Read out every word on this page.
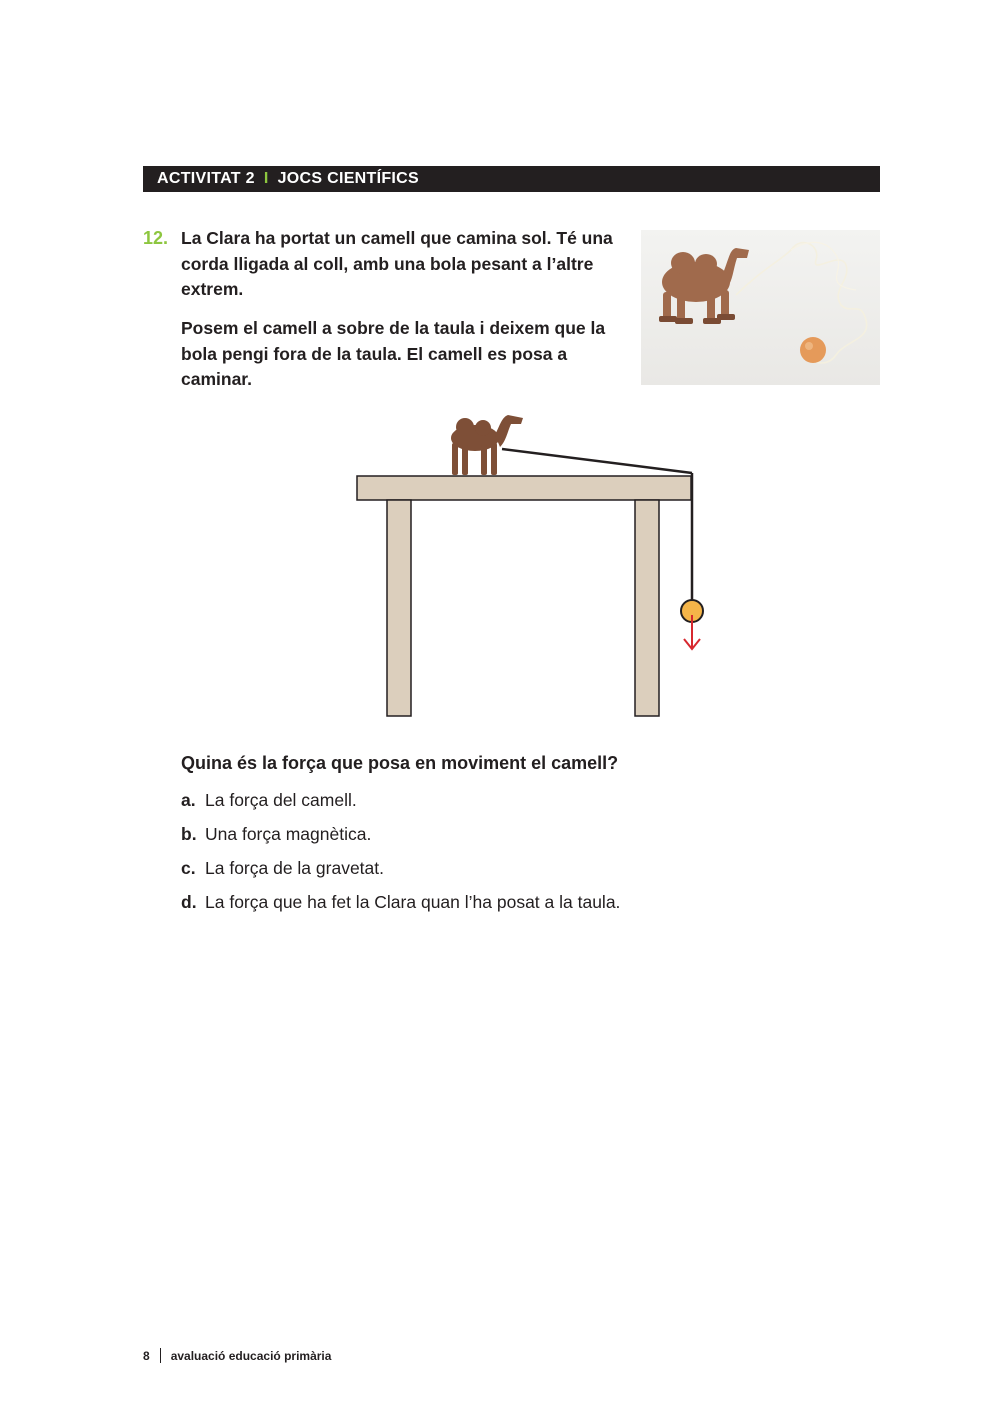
ACTIVITAT 2 I JOCS CIENTÍFICS
12. La Clara ha portat un camell que camina sol. Té una corda lligada al coll, amb una bola pesant a l’altre extrem.

Posem el camell a sobre de la taula i deixem que la bola pengi fora de la taula. El camell es posa a caminar.

Quina és la força que posa en moviment el camell?

a. La força del camell.
b. Una força magnètica.
c. La força de la gravetat.
d. La força que ha fet la Clara quan l’ha posat a la taula.
8 avaluació educació primària
